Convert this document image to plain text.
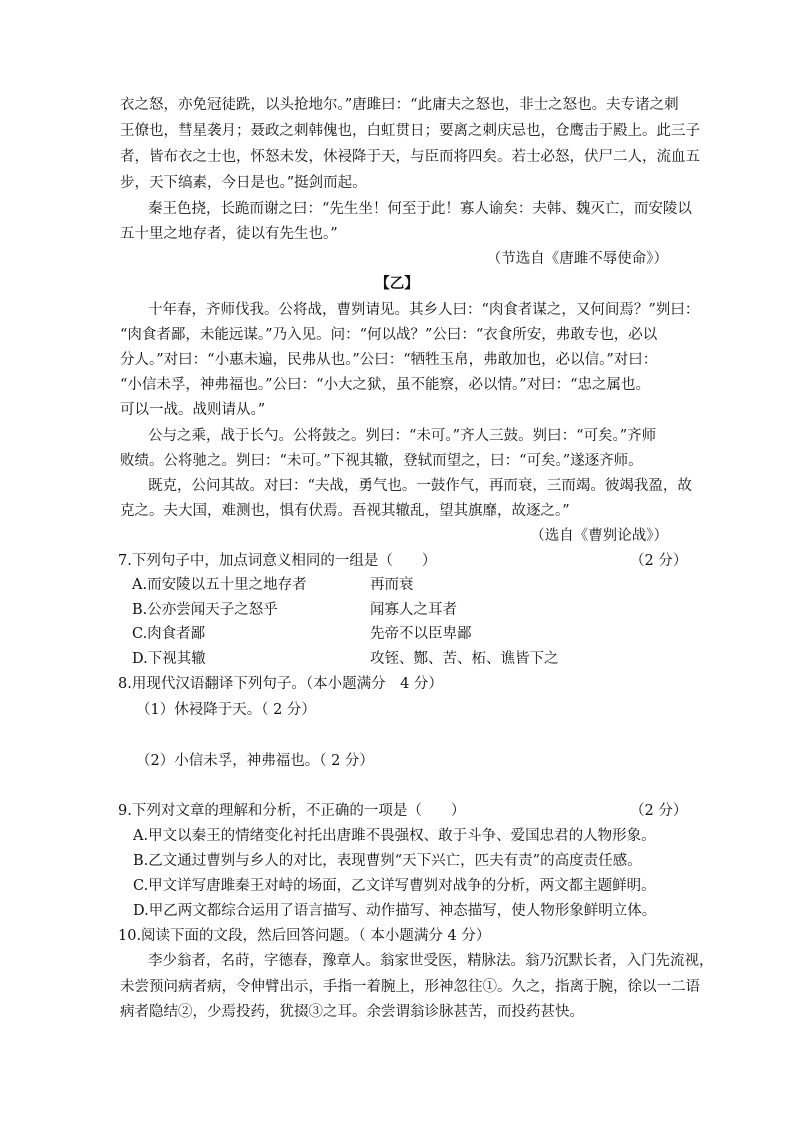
衣之怒，亦免冠徒跣，以头抢地尔。”唐雎曰：“此庸夫之怒也，非士之怒也。夫专诸之刺
王僚也，彗星袭月；聂政之刺韩傀也，白虹贯日；要离之刺庆忌也，仓鹰击于殿上。此三子
者，皆布衣之士也，怀怒未发，休祲降于天，与臣而将四矣。若士必怒，伏尸二人，流血五
步，天下缟素，今日是也。”挺剑而起。
秦王色挠，长跪而谢之曰：“先生坐！何至于此！寡人谕矣：夫韩、魏灭亡，而安陵以
五十里之地存者，徒以有先生也。”
（节选自《唐雎不辱使命》）
【乙】
十年春，齐师伐我。公将战，曹刿请见。其乡人曰：“肉食者谋之，又何间焉？”刿曰：
“肉食者鄙，未能远谋。”乃入见。问：“何以战？”公曰：“衣食所安，弗敢专也，必以
分人。”对曰：“小惠未遍，民弗从也。”公曰：“牺牲玉帛，弗敢加也，必以信。”对曰：
“小信未孚，神弗福也。”公曰：“小大之狱，虽不能察，必以情。”对曰：“忠之属也。
可以一战。战则请从。”
公与之乘，战于长勺。公将鼓之。刿曰：“未可。”齐人三鼓。刿曰：“可矣。”齐师
败绩。公将驰之。刿曰：“未可。”下视其辙，登轼而望之，曰：“可矣。”遂逐齐师。
既克，公问其故。对曰：“夫战，勇气也。一鼓作气，再而衰，三而竭。彼竭我盈，故
克之。夫大国，难测也，惧有伏焉。吾视其辙乱，望其旗靡，故逐之。”
（选自《曹刿论战》）
7.下列句子中，加点词意义相同的一组是（　　）	（2 分）
A.而安陵以五十里之地存者	再而衰
B.公亦尝闻天子之怒乎	闻寡人之耳者
C.肉食者鄙	先帝不以臣卑鄙
D.下视其辙	攻铚、酂、苦、柘、谯皆下之
8.用现代汉语翻译下列句子。（本小题满分　4 分）
（1）休祲降于天。（ 2 分）
（2）小信未孚，神弗福也。（ 2 分）
9.下列对文章的理解和分析，不正确的一项是（　　）	（2 分）
A.甲文以秦王的情绪变化衬托出唐雎不畏强权、敢于斗争、爱国忠君的人物形象。
B.乙文通过曹刿与乡人的对比，表现曹刿“天下兴亡，匹夫有责”的高度责任感。
C.甲文详写唐雎秦王对峙的场面，乙文详写曹刿对战争的分析，两文都主题鲜明。
D.甲乙两文都综合运用了语言描写、动作描写、神态描写，使人物形象鲜明立体。
10.阅读下面的文段，然后回答问题。（ 本小题满分 4 分）
李少翁者，名莳，字德春，豫章人。翁家世受医，精脉法。翁乃沉默长者，入门先流视，
未尝预问病者病，令伸臂出示，手指一着腕上，形神忽往①。久之，指离于腕，徐以一二语
病者隐结②，少焉投药，犹掇③之耳。余尝谓翁诊脉甚苦，而投药甚快。
